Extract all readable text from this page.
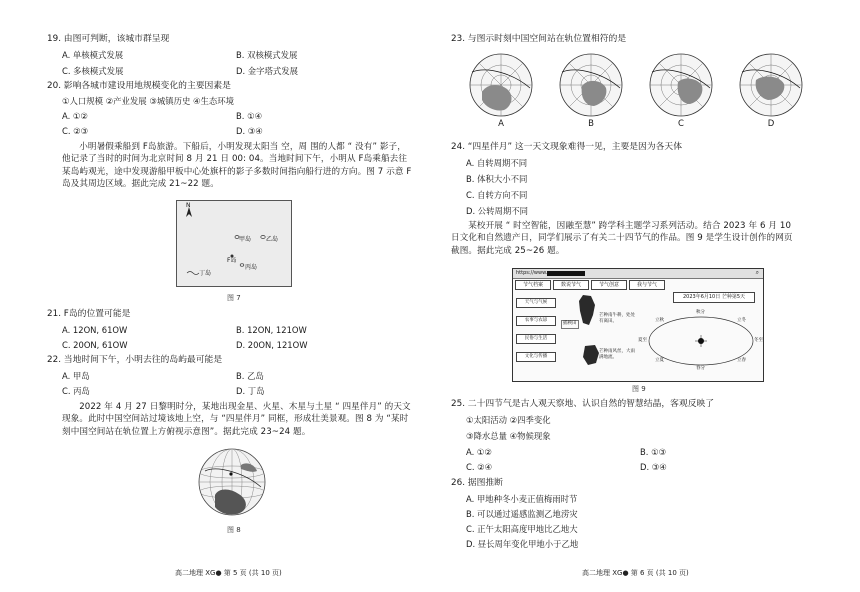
19. 由图可判断，该城市群呈现
A. 单核模式发展	B. 双核模式发展
C. 多核模式发展	D. 金字塔式发展
20. 影响各城市建设用地规模变化的主要因素是
①人口规模 ②产业发展 ③城镇历史 ④生态环境
A. ①②	B. ①④
C. ②③	D. ③④
小明暑假乘船到 F岛旅游。下船后，小明发现太阳当 空，周 围的人都 “ 没有” 影子，他记录了当时的时间为北京时间 8 月 21 日 00: 04。当地时间下午，小明从 F岛乘船去往某岛屿观光，途中发现游船甲板中心处旗杆的影子多数时间指向船行进的方向。图 7 示意 F岛及其周边区域。据此完成 21~22 题。
N
甲岛 乙岛
F岛
丙岛
丁岛
图 7
21. F岛的位置可能是
A. 12ON, 61OW	B. 12ON, 121OW
C. 20ON, 61OW	D. 20ON, 121OW
22. 当地时间下午，小明去往的岛屿最可能是
A. 甲岛	B. 乙岛
C. 丙岛	D. 丁岛
2022 年 4 月 27 日黎明时分，某地出现金星、火星、木星与土星 “ 四星伴月” 的天文现象。此时中国空间站过境该地上空，与 “四星伴月” 同框，形成壮美景观。图 8 为 “某时刻中国空间站在轨位置上方俯视示意图”。据此完成 23~24 题。
图 8
高二地理 XG● 第 5 页 (共 10 页)
23. 与图示时刻中国空间站在轨位置相符的是
A	B	C	D
24. “四星伴月” 这一天文现象难得一见，主要是因为各天体
A. 自转周期不同
B. 体积大小不同
C. 自转方向不同
D. 公转周期不同
某校开展 “ 时空智能，因融至慧” 跨学科主题学习系列活动。结合 2023 年 6 月 10 日文化和自然遗产日，同学们展示了有关二十四节气的作品。图 9 是学生设计创作的网页截图。据此完成 25~26 题。
https://www.	⌕
节气档案	数说节气	节气创意	我与节气
天气与气候
农事与农谚
民俗与生活
文化与传播
插秧田
芒种南牛耕，处处有离田。
芒种雨风丝，大雨满地流。
2023年6月10日 芒种第5天
夏至
立秋
秋分
立冬
冬至
立春
春分
立夏
图 9
25. 二十四节气是古人观天察地、认识自然的智慧结晶，客观反映了
①太阳活动 ②四季变化
③降水总量 ④物候现象
A. ①②	B. ①③
C. ②④	D. ③④
26. 据图推断
A. 甲地种冬小麦正值梅雨时节
B. 可以通过遥感监测乙地涝灾
C. 正午太阳高度甲地比乙地大
D. 昼长周年变化甲地小于乙地
高二地理 XG● 第 6 页 (共 10 页)
